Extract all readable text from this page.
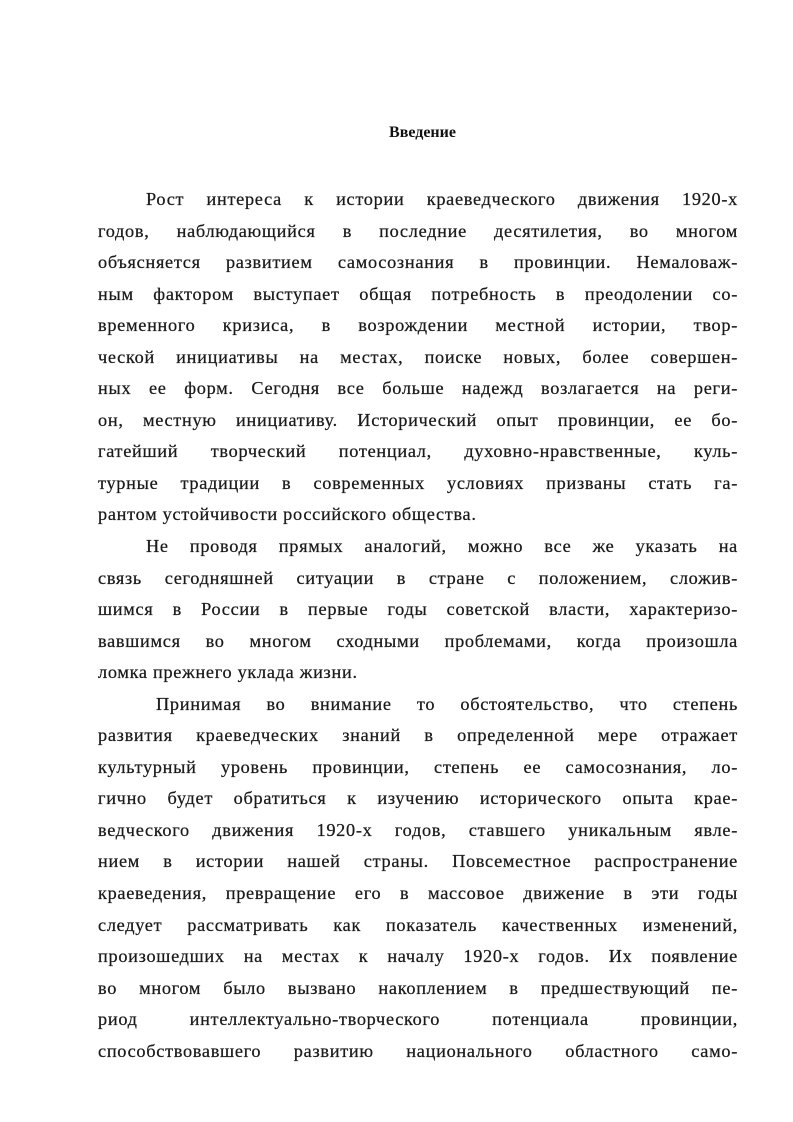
Введение
Рост интереса к истории краеведческого движения 1920-х
годов, наблюдающийся в последние десятилетия, во многом
объясняется развитием самосознания в провинции. Немаловаж-
ным фактором выступает общая потребность в преодолении со-
временного кризиса, в возрождении местной истории, твор-
ческой инициативы на местах, поиске новых, более совершен-
ных ее форм. Сегодня все больше надежд возлагается на реги-
он, местную инициативу. Исторический опыт провинции, ее бо-
гатейший творческий потенциал, духовно-нравственные, куль-
турные традиции в современных условиях призваны стать га-
рантом устойчивости российского общества.
Не проводя прямых аналогий, можно все же указать на
связь сегодняшней ситуации в стране с положением, сложив-
шимся в России в первые годы советской власти, характеризо-
вавшимся во многом сходными проблемами, когда произошла
ломка прежнего уклада жизни.
Принимая во внимание то обстоятельство, что степень
развития краеведческих знаний в определенной мере отражает
культурный уровень провинции, степень ее самосознания, ло-
гично будет обратиться к изучению исторического опыта крае-
ведческого движения 1920-х годов, ставшего уникальным явле-
нием в истории нашей страны. Повсеместное распространение
краеведения, превращение его в массовое движение в эти годы
следует рассматривать как показатель качественных изменений,
произошедших на местах к началу 1920-х годов. Их появление
во многом было вызвано накоплением в предшествующий пе-
риод интеллектуально-творческого потенциала провинции,
способствовавшего развитию национального областного само-
